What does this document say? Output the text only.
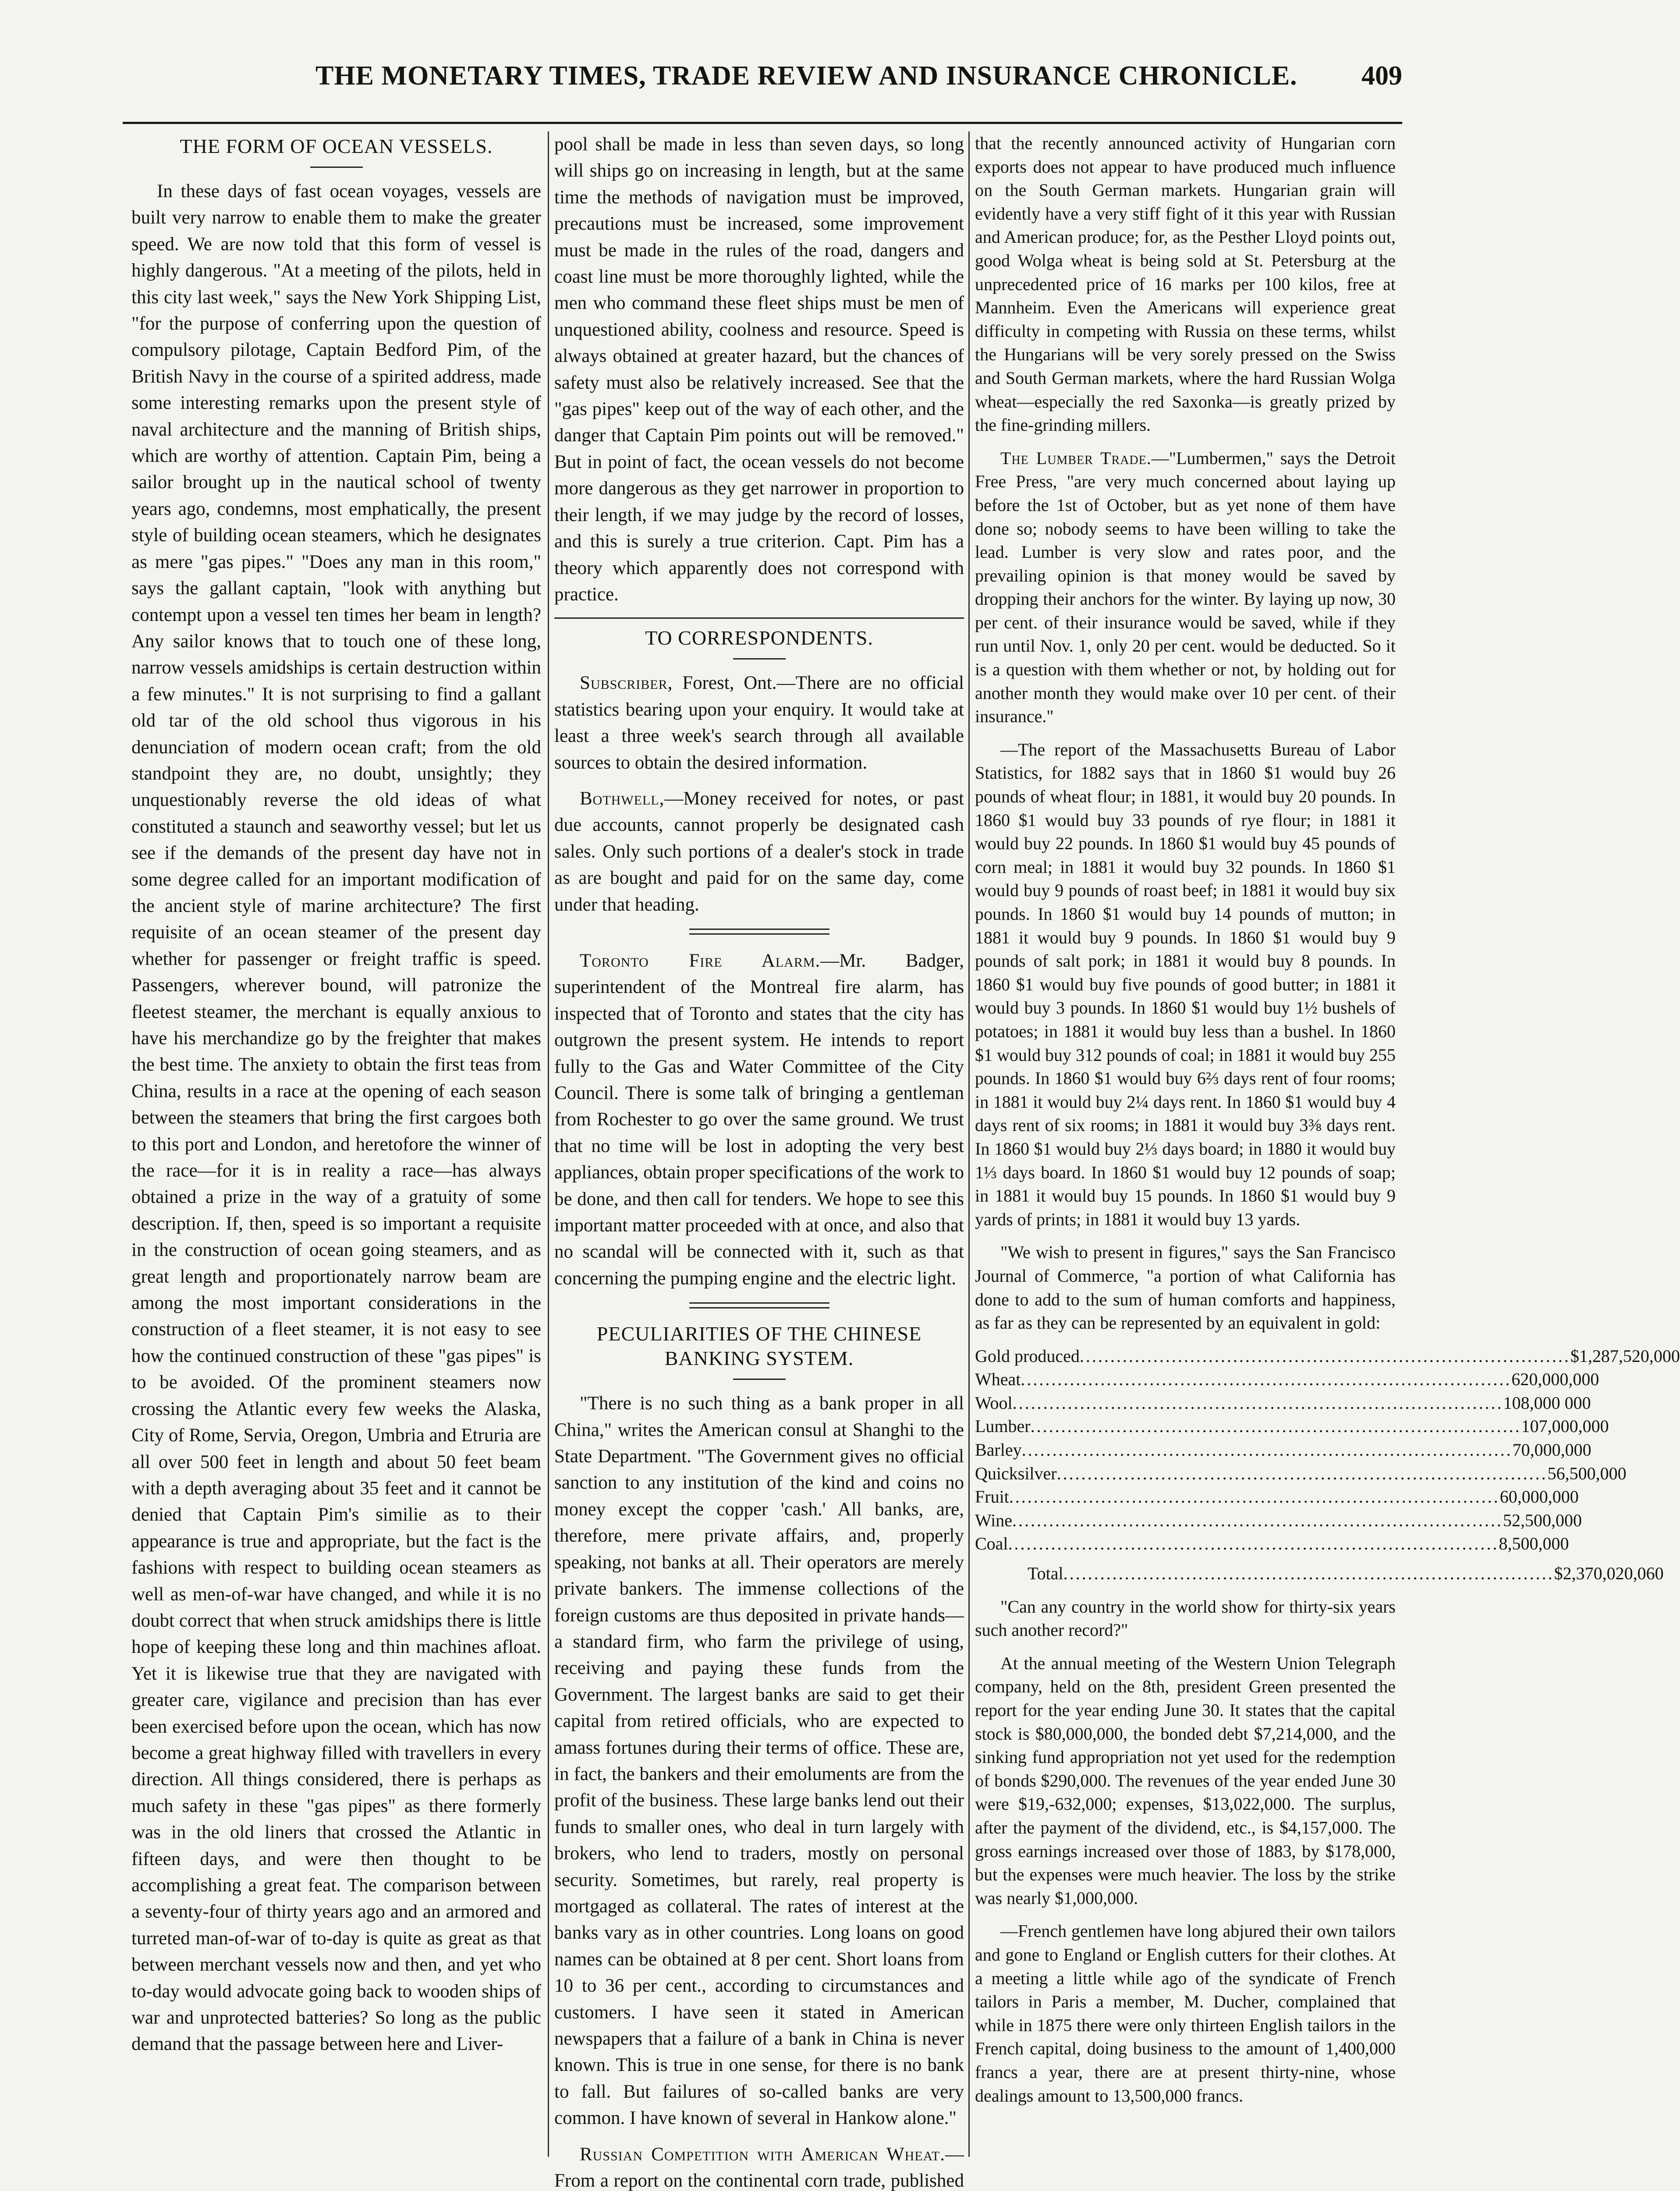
THE MONETARY TIMES, TRADE REVIEW AND INSURANCE CHRONICLE. 409
THE FORM OF OCEAN VESSELS.

In these days of fast ocean voyages, vessels are built very narrow to enable them to make the greater speed. We are now told that this form of vessel is highly dangerous. "At a meeting of the pilots, held in this city last week," says the New York Shipping List, "for the purpose of conferring upon the question of compulsory pilotage, Captain Bedford Pim, of the British Navy in the course of a spirited address, made some interesting remarks upon the present style of naval architecture and the manning of British ships, which are worthy of attention. Captain Pim, being a sailor brought up in the nautical school of twenty years ago, condemns, most emphatically, the present style of building ocean steamers, which he designates as mere "gas pipes." "Does any man in this room," says the gallant captain, "look with anything but contempt upon a vessel ten times her beam in length? Any sailor knows that to touch one of these long, narrow vessels amidships is certain destruction within a few minutes." It is not surprising to find a gallant old tar of the old school thus vigorous in his denunciation of modern ocean craft; from the old standpoint they are, no doubt, unsightly; they unquestionably reverse the old ideas of what constituted a staunch and seaworthy vessel; but let us see if the demands of the present day have not in some degree called for an important modification of the ancient style of marine architecture? The first requisite of an ocean steamer of the present day whether for passenger or freight traffic is speed. Passengers, wherever bound, will patronize the fleetest steamer, the merchant is equally anxious to have his merchandize go by the freighter that makes the best time. The anxiety to obtain the first teas from China, results in a race at the opening of each season between the steamers that bring the first cargoes both to this port and London, and heretofore the winner of the race—for it is in reality a race—has always obtained a prize in the way of a gratuity of some description. If, then, speed is so important a requisite in the construction of ocean going steamers, and as great length and proportionately narrow beam are among the most important considerations in the construction of a fleet steamer, it is not easy to see how the continued construction of these "gas pipes" is to be avoided. Of the prominent steamers now crossing the Atlantic every few weeks the Alaska, City of Rome, Servia, Oregon, Umbria and Etruria are all over 500 feet in length and about 50 feet beam with a depth averaging about 35 feet and it cannot be denied that Captain Pim's similie as to their appearance is true and appropriate, but the fact is the fashions with respect to building ocean steamers as well as men-of-war have changed, and while it is no doubt correct that when struck amidships there is little hope of keeping these long and thin machines afloat. Yet it is likewise true that they are navigated with greater care, vigilance and precision than has ever been exercised before upon the ocean, which has now become a great highway filled with travellers in every direction. All things considered, there is perhaps as much safety in these "gas pipes" as there formerly was in the old liners that crossed the Atlantic in fifteen days, and were then thought to be accomplishing a great feat. The comparison between a seventy-four of thirty years ago and an armored and turreted man-of-war of to-day is quite as great as that between merchant vessels now and then, and yet who to-day would advocate going back to wooden ships of war and unprotected batteries? So long as the public demand that the passage between here and Liver-

pool shall be made in less than seven days, so long will ships go on increasing in length, but at the same time the methods of navigation must be improved, precautions must be increased, some improvement must be made in the rules of the road, dangers and coast line must be more thoroughly lighted, while the men who command these fleet ships must be men of unquestioned ability, coolness and resource. Speed is always obtained at greater hazard, but the chances of safety must also be relatively increased. See that the "gas pipes" keep out of the way of each other, and the danger that Captain Pim points out will be removed." But in point of fact, the ocean vessels do not become more dangerous as they get narrower in proportion to their length, if we may judge by the record of losses, and this is surely a true criterion. Capt. Pim has a theory which apparently does not correspond with practice.

TO CORRESPONDENTS.

Subscriber, Forest, Ont.—There are no official statistics bearing upon your enquiry. It would take at least a three week's search through all available sources to obtain the desired information.

Bothwell,—Money received for notes, or past due accounts, cannot properly be designated cash sales. Only such portions of a dealer's stock in trade as are bought and paid for on the same day, come under that heading.

Toronto Fire Alarm.—Mr. Badger, superintendent of the Montreal fire alarm, has inspected that of Toronto and states that the city has outgrown the present system. He intends to report fully to the Gas and Water Committee of the City Council. There is some talk of bringing a gentleman from Rochester to go over the same ground. We trust that no time will be lost in adopting the very best appliances, obtain proper specifications of the work to be done, and then call for tenders. We hope to see this important matter proceeded with at once, and also that no scandal will be connected with it, such as that concerning the pumping engine and the electric light.

PECULIARITIES OF THE CHINESE BANKING SYSTEM.

"There is no such thing as a bank proper in all China," writes the American consul at Shanghi to the State Department. "The Government gives no official sanction to any institution of the kind and coins no money except the copper 'cash.' All banks, are, therefore, mere private affairs, and, properly speaking, not banks at all. Their operators are merely private bankers. The immense collections of the foreign customs are thus deposited in private hands—a standard firm, who farm the privilege of using, receiving and paying these funds from the Government. The largest banks are said to get their capital from retired officials, who are expected to amass fortunes during their terms of office. These are, in fact, the bankers and their emoluments are from the profit of the business. These large banks lend out their funds to smaller ones, who deal in turn largely with brokers, who lend to traders, mostly on personal security. Sometimes, but rarely, real property is mortgaged as collateral. The rates of interest at the banks vary as in other countries. Long loans on good names can be obtained at 8 per cent. Short loans from 10 to 36 per cent., according to circumstances and customers. I have seen it stated in American newspapers that a failure of a bank in China is never known. This is true in one sense, for there is no bank to fall. But failures of so-called banks are very common. I have known of several in Hankow alone."

Russian Competition with American Wheat.—From a report on the continental corn trade, published

that the recently announced activity of Hungarian corn exports does not appear to have produced much influence on the South German markets. Hungarian grain will evidently have a very stiff fight of it this year with Russian and American produce; for, as the Pesther Lloyd points out, good Wolga wheat is being sold at St. Petersburg at the unprecedented price of 16 marks per 100 kilos, free at Mannheim. Even the Americans will experience great difficulty in competing with Russia on these terms, whilst the Hungarians will be very sorely pressed on the Swiss and South German markets, where the hard Russian Wolga wheat—especially the red Saxonka—is greatly prized by the fine-grinding millers.

The Lumber Trade.—"Lumbermen," says the Detroit Free Press, "are very much concerned about laying up before the 1st of October, but as yet none of them have done so; nobody seems to have been willing to take the lead. Lumber is very slow and rates poor, and the prevailing opinion is that money would be saved by dropping their anchors for the winter. By laying up now, 30 per cent. of their insurance would be saved, while if they run until Nov. 1, only 20 per cent. would be deducted. So it is a question with them whether or not, by holding out for another month they would make over 10 per cent. of their insurance."

—The report of the Massachusetts Bureau of Labor Statistics, for 1882 says that in 1860 $1 would buy 26 pounds of wheat flour; in 1881, it would buy 20 pounds. In 1860 $1 would buy 33 pounds of rye flour; in 1881 it would buy 22 pounds. In 1860 $1 would buy 45 pounds of corn meal; in 1881 it would buy 32 pounds. In 1860 $1 would buy 9 pounds of roast beef; in 1881 it would buy six pounds. In 1860 $1 would buy 14 pounds of mutton; in 1881 it would buy 9 pounds. In 1860 $1 would buy 9 pounds of salt pork; in 1881 it would buy 8 pounds. In 1860 $1 would buy five pounds of good butter; in 1881 it would buy 3 pounds. In 1860 $1 would buy 1½ bushels of potatoes; in 1881 it would buy less than a bushel. In 1860 $1 would buy 312 pounds of coal; in 1881 it would buy 255 pounds. In 1860 $1 would buy 6⅔ days rent of four rooms; in 1881 it would buy 2¼ days rent. In 1860 $1 would buy 4 days rent of six rooms; in 1881 it would buy 3⅜ days rent. In 1860 $1 would buy 2⅓ days board; in 1880 it would buy 1⅓ days board. In 1860 $1 would buy 12 pounds of soap; in 1881 it would buy 15 pounds. In 1860 $1 would buy 9 yards of prints; in 1881 it would buy 13 yards.

"We wish to present in figures," says the San Francisco Journal of Commerce, "a portion of what California has done to add to the sum of human comforts and happiness, as far as they can be represented by an equivalent in gold:

Gold produced ................................................................................ $1,287,520,000
Wheat ................................................................................ 620,000,000
Wool ................................................................................ 108,000 000
Lumber ................................................................................ 107,000,000
Barley ................................................................................ 70,000,000
Quicksilver ................................................................................ 56,500,000
Fruit ................................................................................ 60,000,000
Wine ................................................................................ 52,500,000
Coal ................................................................................ 8,500,000
Total ................................................................................ $2,370,020,060

"Can any country in the world show for thirty-six years such another record?"

At the annual meeting of the Western Union Telegraph company, held on the 8th, president Green presented the report for the year ending June 30. It states that the capital stock is $80,000,000, the bonded debt $7,214,000, and the sinking fund appropriation not yet used for the redemption of bonds $290,000. The revenues of the year ended June 30 were $19,-632,000; expenses, $13,022,000. The surplus, after the payment of the dividend, etc., is $4,157,000. The gross earnings increased over those of 1883, by $178,000, but the expenses were much heavier. The loss by the strike was nearly $1,000,000.

—French gentlemen have long abjured their own tailors and gone to England or English cutters for their clothes. At a meeting a little while ago of the syndicate of French tailors in Paris a member, M. Ducher, complained that while in 1875 there were only thirteen English tailors in the French capital, doing business to the amount of 1,400,000 francs a year, there are at present thirty-nine, whose dealings amount to 13,500,000 francs.
